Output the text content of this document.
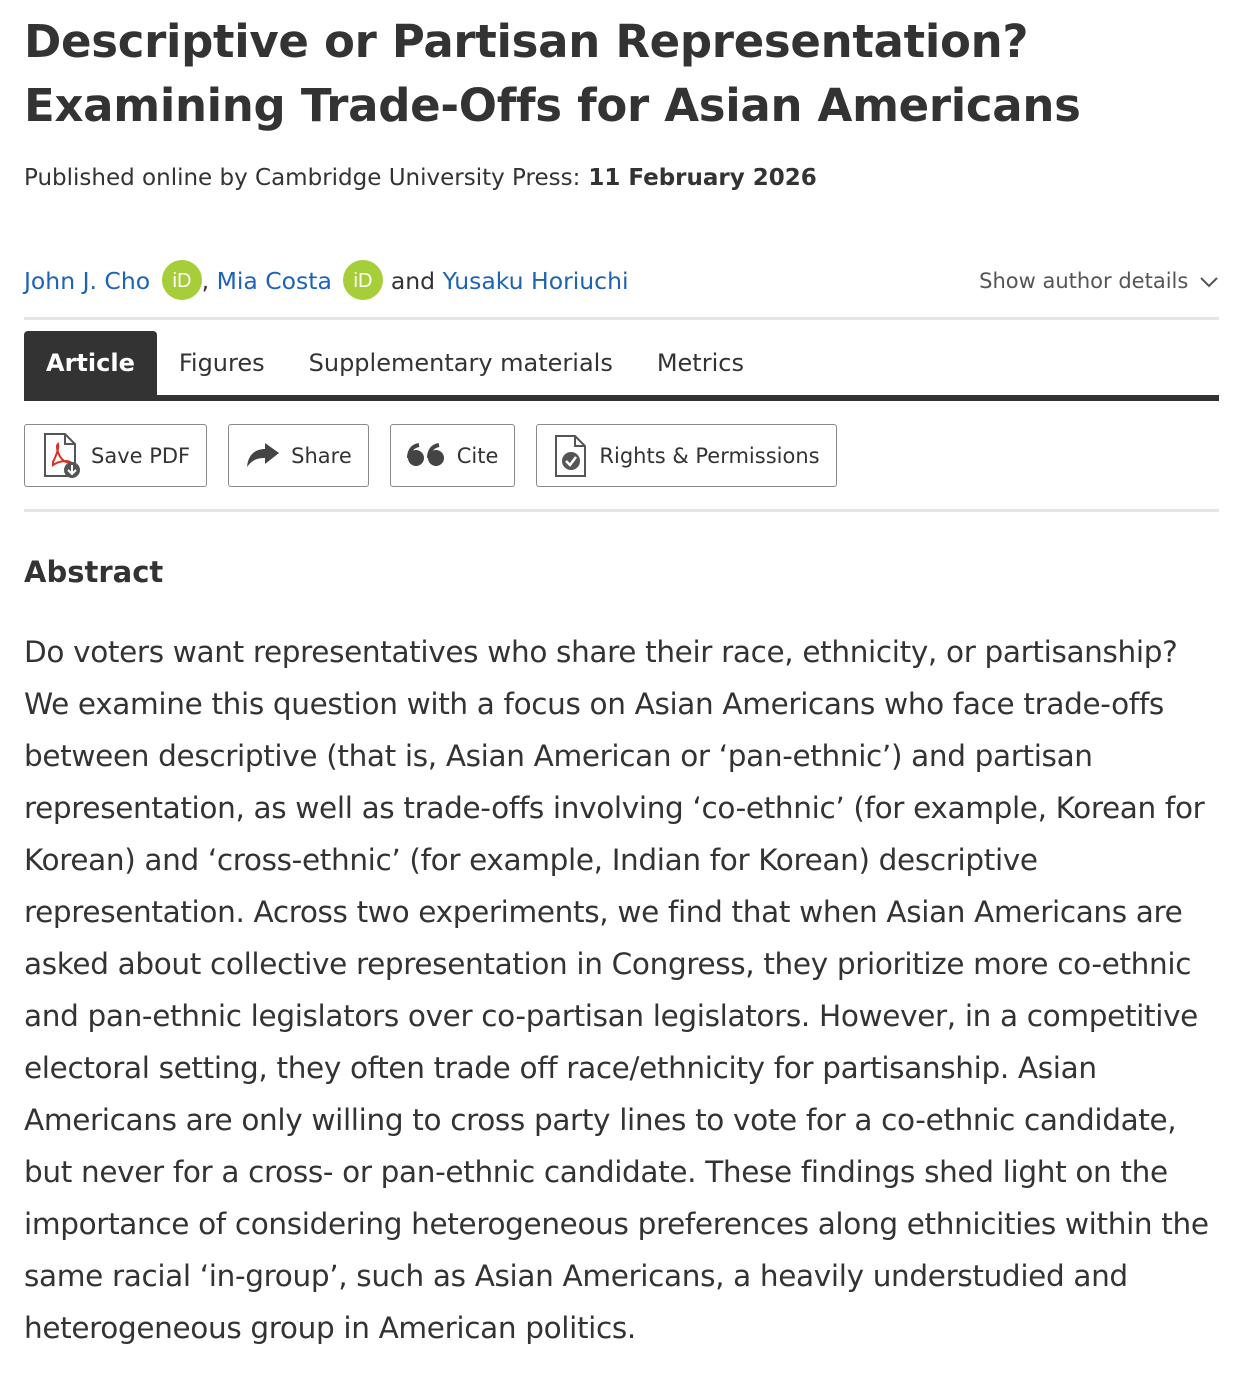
Descriptive or Partisan Representation?
Examining Trade-Offs for Asian Americans
Published online by Cambridge University Press: 11 February 2026
John J. Cho iD , Mia Costa iD and Yusaku Horiuchi	Show author details
Article	Figures	Supplementary materials	Metrics
Save PDF	Share	Cite	Rights & Permissions
Abstract

Do voters want representatives who share their race, ethnicity, or partisanship? We examine this question with a focus on Asian Americans who face trade-offs between descriptive (that is, Asian American or ‘pan-ethnic’) and partisan representation, as well as trade-offs involving ‘co-ethnic’ (for example, Korean for Korean) and ‘cross-ethnic’ (for example, Indian for Korean) descriptive representation. Across two experiments, we find that when Asian Americans are asked about collective representation in Congress, they prioritize more co-ethnic and pan-ethnic legislators over co-partisan legislators. However, in a competitive electoral setting, they often trade off race/ethnicity for partisanship. Asian Americans are only willing to cross party lines to vote for a co-ethnic candidate, but never for a cross- or pan-ethnic candidate. These findings shed light on the importance of considering heterogeneous preferences along ethnicities within the same racial ‘in-group’, such as Asian Americans, a heavily understudied and heterogeneous group in American politics.
